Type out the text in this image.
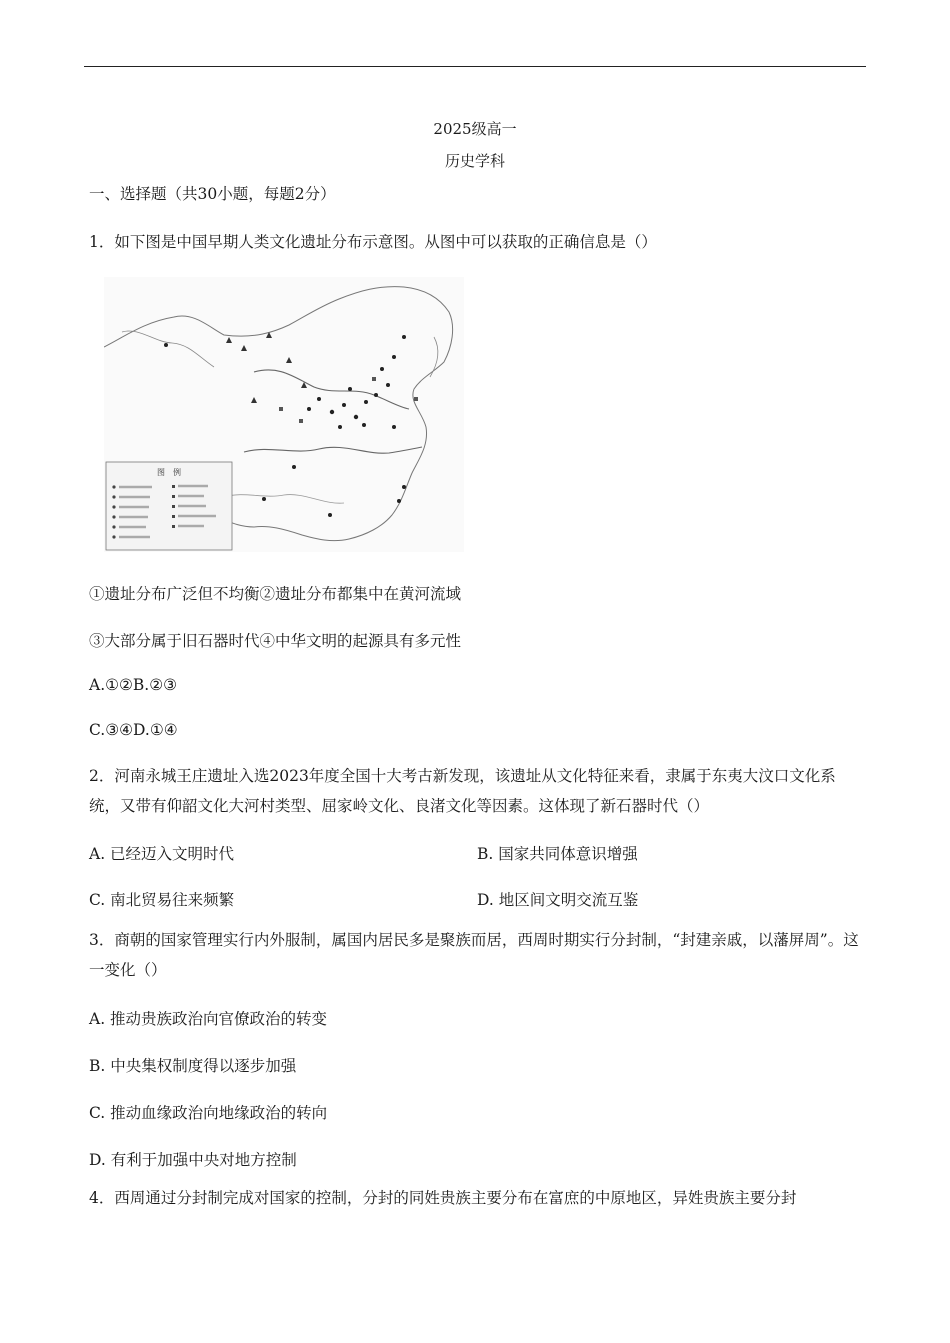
2025级高一
历史学科
一、选择题（共30小题，每题2分）
1．如下图是中国早期人类文化遗址分布示意图。从图中可以获取的正确信息是（）
图　例
①遗址分布广泛但不均衡②遗址分布都集中在黄河流域
③大部分属于旧石器时代④中华文明的起源具有多元性
A.①②B.②③
C.③④D.①④
2．河南永城王庄遗址入选2023年度全国十大考古新发现，该遗址从文化特征来看，隶属于东夷大汶口文化系统，又带有仰韶文化大河村类型、屈家岭文化、良渚文化等因素。这体现了新石器时代（）
A. 已经迈入文明时代	B. 国家共同体意识增强
C. 南北贸易往来频繁	D. 地区间文明交流互鉴
3．商朝的国家管理实行内外服制，属国内居民多是聚族而居，西周时期实行分封制，“封建亲戚，以藩屏周”。这一变化（）
A. 推动贵族政治向官僚政治的转变
B. 中央集权制度得以逐步加强
C. 推动血缘政治向地缘政治的转向
D. 有利于加强中央对地方控制
4．西周通过分封制完成对国家的控制，分封的同姓贵族主要分布在富庶的中原地区，异姓贵族主要分封
